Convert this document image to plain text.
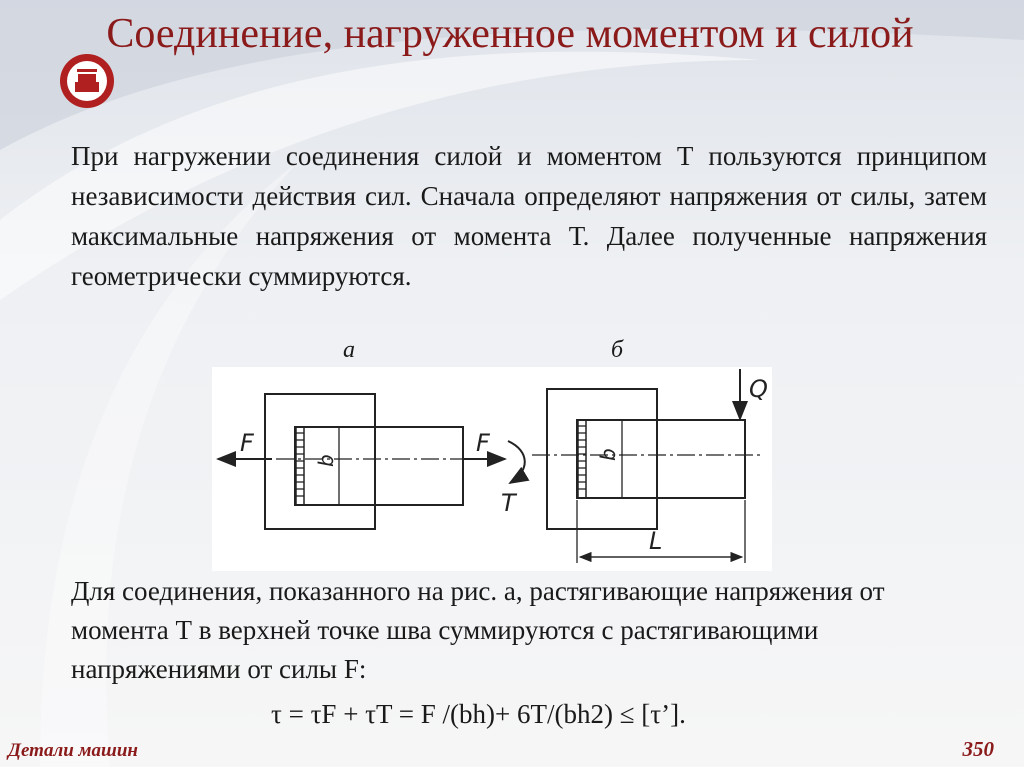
Соединение, нагруженное моментом и силой
При нагружении соединения силой и моментом Т пользуются принципом независимости действия сил. Сначала определяют напряжения от силы, затем максимальные напряжения от момента Т. Далее полученные напряжения геометрически суммируются.
а	б
F
b
F
T
b
Q
L
Для соединения, показанного на рис. а, растягивающие напряжения от момента Т в верхней точке шва суммируются с растягивающими напряжениями от силы F:
τ = τF + τT = F /(bh)+ 6T/(bh2) ≤ [τ’].
Детали машин	350
